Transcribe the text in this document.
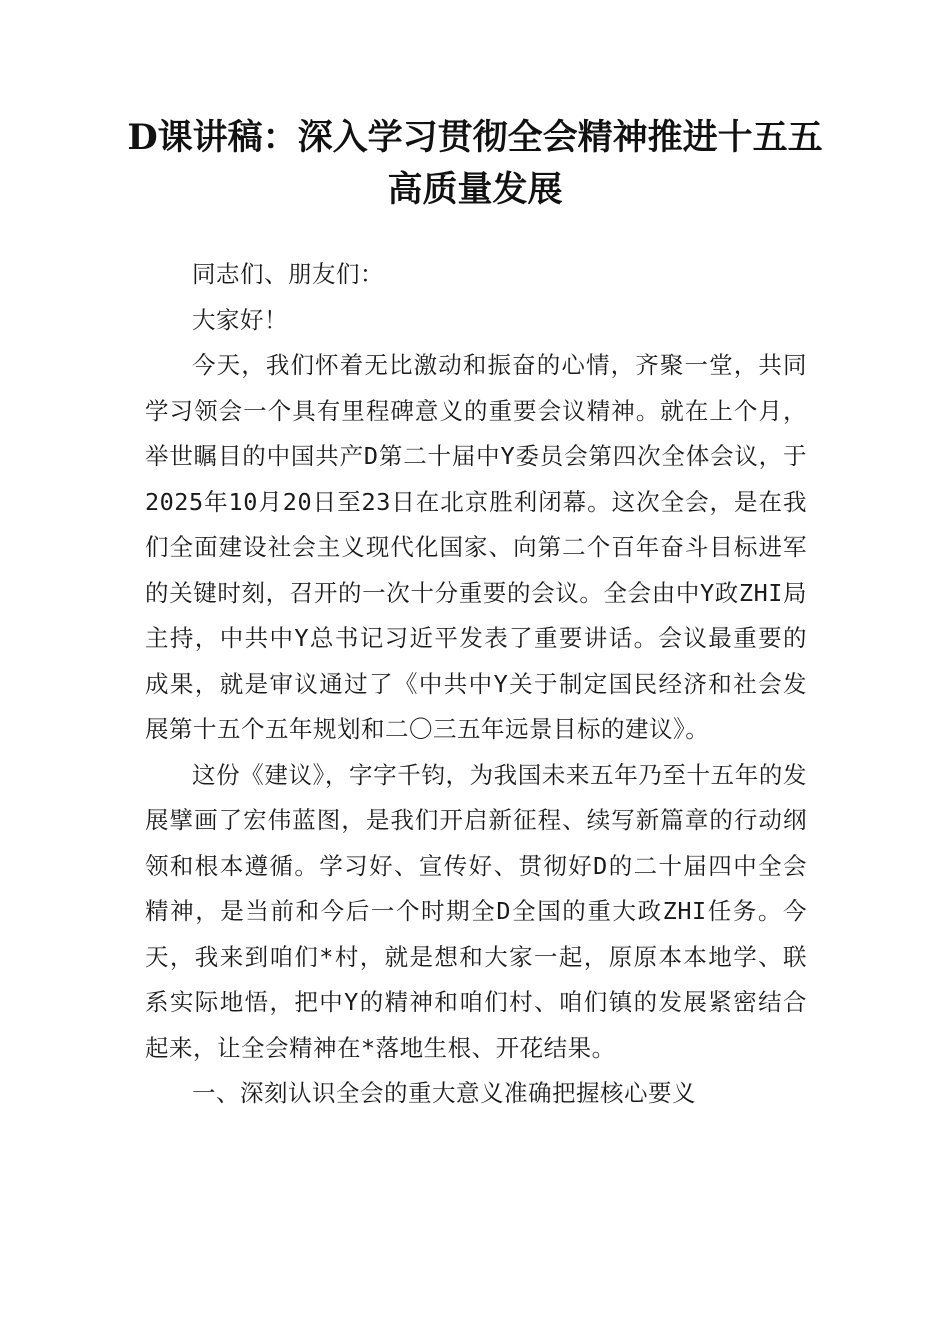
D课讲稿：深入学习贯彻全会精神推进十五五高质量发展

同志们、朋友们：

大家好！

今天，我们怀着无比激动和振奋的心情，齐聚一堂，共同学习领会一个具有里程碑意义的重要会议精神。就在上个月，举世瞩目的中国共产D第二十届中Y委员会第四次全体会议，于2025年10月20日至23日在北京胜利闭幕。这次全会，是在我们全面建设社会主义现代化国家、向第二个百年奋斗目标进军的关键时刻，召开的一次十分重要的会议。全会由中Y政ZHI局主持，中共中Y总书记习近平发表了重要讲话。会议最重要的成果，就是审议通过了《中共中Y关于制定国民经济和社会发展第十五个五年规划和二〇三五年远景目标的建议》。

这份《建议》，字字千钧，为我国未来五年乃至十五年的发展擘画了宏伟蓝图，是我们开启新征程、续写新篇章的行动纲领和根本遵循。学习好、宣传好、贯彻好D的二十届四中全会精神，是当前和今后一个时期全D全国的重大政ZHI任务。今天，我来到咱们*村，就是想和大家一起，原原本本地学、联系实际地悟，把中Y的精神和咱们村、咱们镇的发展紧密结合起来，让全会精神在*落地生根、开花结果。

一、深刻认识全会的重大意义准确把握核心要义
